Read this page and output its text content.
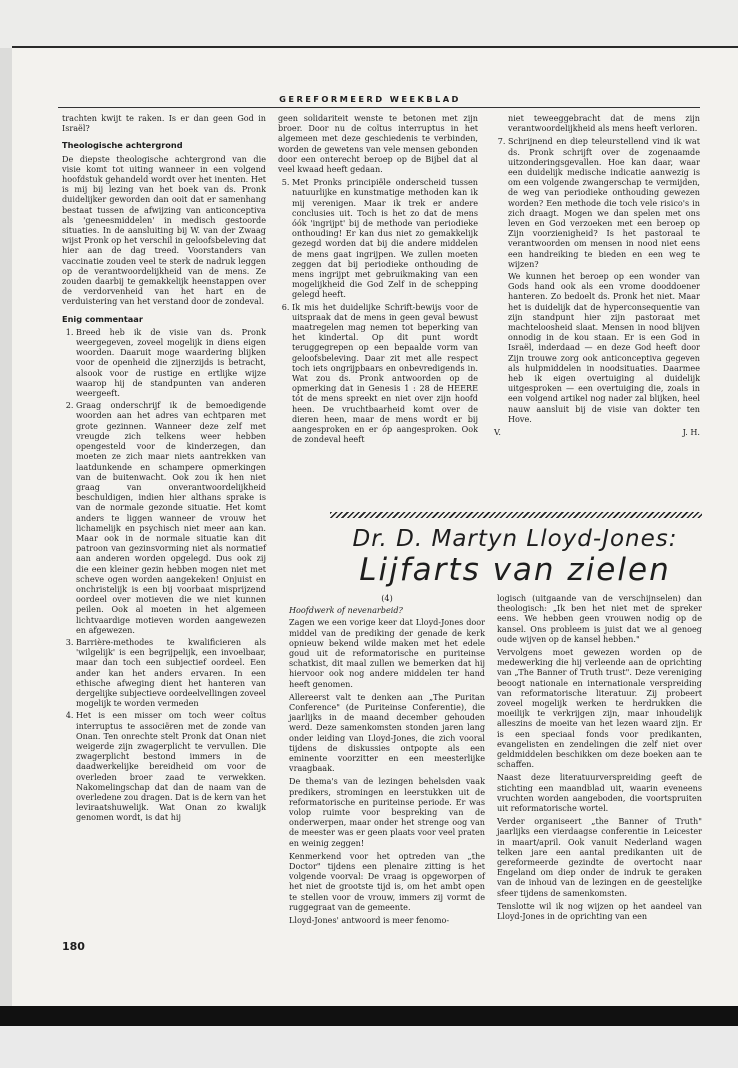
GEREFORMEERD WEEKBLAD

trachten kwijt te raken. Is er dan geen God in Israël?

Theologische achtergrond

De diepste theologische achtergrond van die visie komt tot uiting wanneer in een volgend hoofdstuk gehandeld wordt over het inenten. Het is mij bij lezing van het boek van ds. Pronk duidelijker geworden dan ooit dat er samenhang bestaat tussen de afwijzing van anticonceptiva als 'geneesmiddelen' in medisch gestoorde situaties. In de aansluiting bij W. van der Zwaag wijst Pronk op het verschil in geloofsbeleving dat hier aan de dag treed. Voorstanders van vaccinatie zouden veel te sterk de nadruk leggen op de verantwoordelijkheid van de mens. Ze zouden daarbij te gemakkelijk heenstappen over de verdorvenheid van het hart en de verduistering van het verstand door de zondeval.

Enig commentaar
1. Breed heb ik de visie van ds. Pronk weergegeven, zoveel mogelijk in diens eigen woorden. Daaruit moge waardering blijken voor de openheid die zijnerzijds is betracht, alsook voor de rustige en ertlijke wijze waarop hij de standpunten van anderen weergeeft.
2. Graag onderschrijf ik de bemoedigende woorden aan het adres van echtparen met grote gezinnen. Wanneer deze zelf met vreugde zich telkens weer hebben opengesteld voor de kinderzegen, dan moeten ze zich maar niets aantrekken van laatdunkende en schampere opmerkingen van de buitenwacht. Ook zou ik hen niet graag van onverantwoordelijkheid beschuldigen, indien hier althans sprake is van de normale gezonde situatie. Het komt anders te liggen wanneer de vrouw het lichamelijk en psychisch niet meer aan kan. Maar ook in de normale situatie kan dit patroon van gezinsvorming niet als normatief aan anderen worden opgelegd. Dus ook zij die een kleiner gezin hebben mogen niet met scheve ogen worden aangekeken! Onjuist en onchristelijk is een bij voorbaat misprijzend oordeel over motieven die we niet kunnen peilen. Ook al moeten in het algemeen lichtvaardige motieven worden aangewezen en afgewezen.
3. Barrière-methodes te kwalificieren als 'wilgelijk' is een begrijpelijk, een invoelbaar, maar dan toch een subjectief oordeel. Een ander kan het anders ervaren. In een ethische afweging dient het hanteren van dergelijke subjectieve oordeelvellingen zoveel mogelijk te worden vermeden
4. Het is een misser om toch weer coïtus interruptus te associëren met de zonde van Onan. Ten onrechte stelt Pronk dat Onan niet weigerde zijn zwagerplicht te vervullen. Die zwagerplicht bestond immers in de daadwerkelijke bereidheid om voor de overleden broer zaad te verwekken. Nakomelingschap dat dan de naam van de overledene zou dragen. Dat is de kern van het leviraatshuwelijk. Wat Onan zo kwalijk genomen wordt, is dat hij

geen solidariteit wenste te betonen met zijn broer. Door nu de coïtus interruptus in het algemeen met deze geschiedenis te verbinden, worden de gewetens van vele mensen gebonden door een onterecht beroep op de Bijbel dat al veel kwaad heeft gedaan.

5. Met Pronks principiële onderscheid tussen natuurlijke en kunstmatige methoden kan ik mij verenigen. Maar ik trek er andere conclusies uit. Toch is het zo dat de mens óók 'ingrijpt' bij de methode van periodieke onthouding! Er kan dus niet zo gemakkelijk gezegd worden dat bij die andere middelen de mens gaat ingrijpen. We zullen moeten zeggen dat bij periodieke onthouding de mens ingrijpt met gebruikmaking van een mogelijkheid die God Zelf in de schepping gelegd heeft.
6. Ik mis het duidelijke Schrift-bewijs voor de uitspraak dat de mens in geen geval bewust maatregelen mag nemen tot beperking van het kindertal. Op dit punt wordt teruggegrepen op een bepaalde vorm van geloofsbeleving. Daar zit met alle respect toch iets ongrijpbaars en onbevredigends in. Wat zou ds. Pronk antwoorden op de opmerking dat in Genesis 1 : 28 de HEERE tót de mens spreekt en niet over zijn hoofd heen. De vruchtbaarheid komt over de dieren heen, maar de mens wordt er bij aangesproken en er óp aangesproken. Ook de zondeval heeft

niet teweeggebracht dat de mens zijn verantwoordelijkheid als mens heeft verloren.

7. Schrijnend en diep teleurstellend vind ik wat ds. Pronk schrijft over de zogenaamde uitzonderingsgevallen. Hoe kan daar, waar een duidelijk medische indicatie aanwezig is om een volgende zwangerschap te vermijden, de weg van periodieke onthouding gewezen worden? Een methode die toch vele risico's in zich draagt. Mogen we dan spelen met ons leven en God verzoeken met een beroep op Zijn voorzienigheid? Is het pastoraal te verantwoorden om mensen in nood niet eens een handreiking te bieden en een weg te wijzen?

We kunnen het beroep op een wonder van Gods hand ook als een vrome dooddoener hanteren. Zo bedoelt ds. Pronk het niet. Maar het is duidelijk dat de hyperconsequentie van zijn standpunt hier zijn pastoraat met machteloosheid slaat. Mensen in nood blijven onnodig in de kou staan. Er is een God in Israël, inderdaad — en deze God heeft door Zijn trouwe zorg ook anticonceptiva gegeven als hulpmiddelen in noodsituaties. Daarmee heb ik eigen overtuiging al duidelijk uitgesproken — een overtuiging die, zoals in een volgend artikel nog nader zal blijken, heel nauw aansluit bij de visie van dokter ten Hove.

V.	J. H.
Dr. D. Martyn Lloyd-Jones:
Lijfarts van zielen
(4)
Hoofdwerk of nevenarbeid?

Zagen we een vorige keer dat Lloyd-Jones door middel van de prediking der genade de kerk opnieuw bekend wilde maken met het edele goud uit de reformatorische en puriteinse schatkist, dit maal zullen we bemerken dat hij hiervoor ook nog andere middelen ter hand heeft genomen.

Allereerst valt te denken aan „The Puritan Conference" (de Puriteinse Conferentie), die jaarlijks in de maand december gehouden werd. Deze samenkomsten stonden jaren lang onder leiding van Lloyd-Jones, die zich vooral tijdens de diskussies ontpopte als een eminente voorzitter en een meesterlijke vraagbaak.

De thema's van de lezingen behelsden vaak predikers, stromingen en leerstukken uit de reformatorische en puriteinse periode. Er was volop ruimte voor bespreking van de onderwerpen, maar onder het strenge oog van de meester was er geen plaats voor veel praten en weinig zeggen!

Kenmerkend voor het optreden van „the Doctor" tijdens een plenaire zitting is het volgende voorval: De vraag is opgeworpen of het niet de grootste tijd is, om het ambt open te stellen voor de vrouw, immers zij vormt de ruggegraat van de gemeente.

Lloyd-Jones' antwoord is meer fenomo-

logisch (uitgaande van de verschijnselen) dan theologisch: „Ik ben het niet met de spreker eens. We hebben geen vrouwen nodig op de kansel. Ons probleem is juist dat we al genoeg oude wijven op de kansel hebben."

Vervolgens moet gewezen worden op de medewerking die hij verleende aan de oprichting van „The Banner of Truth trust". Deze vereniging beoogt nationale en internationale verspreiding van reformatorische literatuur. Zij probeert zoveel mogelijk werken te herdrukken die moeilijk te verkrijgen zijn, maar inhoudelijk alleszins de moeite van het lezen waard zijn. Er is een speciaal fonds voor predikanten, evangelisten en zendelingen die zelf niet over geldmiddelen beschikken om deze boeken aan te schaffen.

Naast deze literatuurverspreiding geeft de stichting een maandblad uit, waarin eveneens vruchten worden aangeboden, die voortspruiten uit reformatorische wortel.

Verder organiseert „the Banner of Truth" jaarlijks een vierdaagse conferentie in Leicester in maart/april. Ook vanuit Nederland wagen telken jare een aantal predikanten uit de gereformeerde gezindte de overtocht naar Engeland om diep onder de indruk te geraken van de inhoud van de lezingen en de geestelijke sfeer tijdens de samenkomsten.

Tenslotte wil ik nog wijzen op het aandeel van Lloyd-Jones in de oprichting van een

180
